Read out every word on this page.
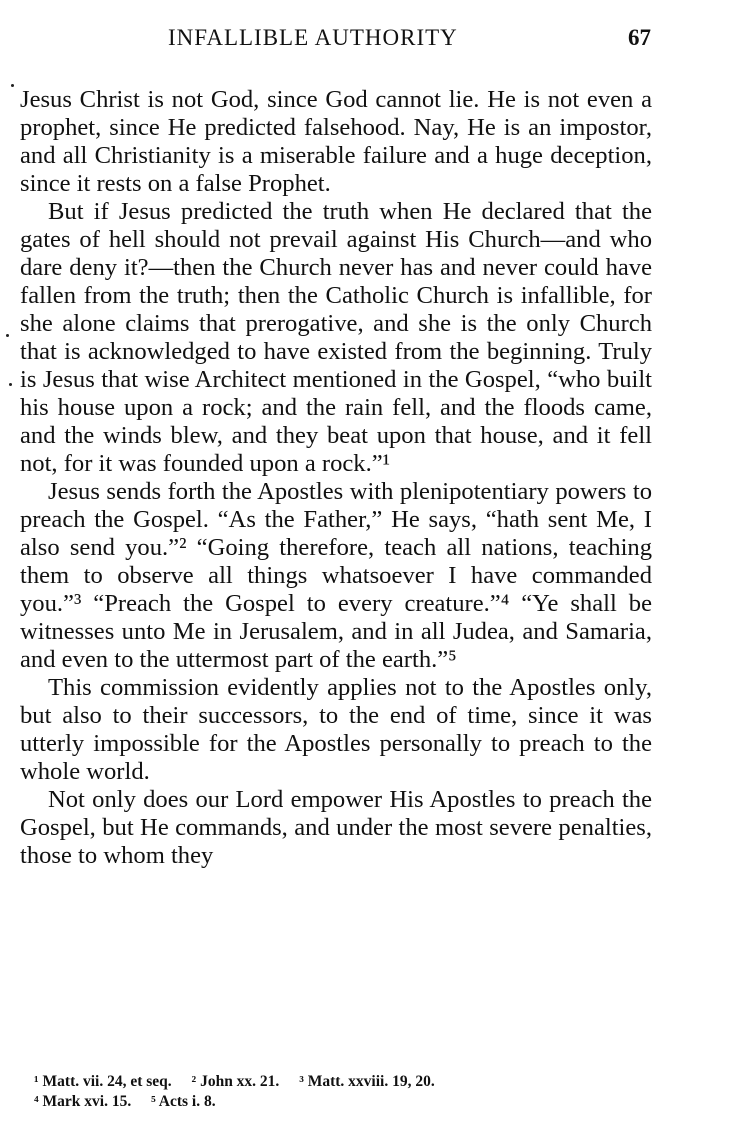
INFALLIBLE AUTHORITY	67

Jesus Christ is not God, since God cannot lie. He is not even a prophet, since He predicted falsehood. Nay, He is an impostor, and all Christianity is a miserable failure and a huge deception, since it rests on a false Prophet.

But if Jesus predicted the truth when He declared that the gates of hell should not prevail against His Church—and who dare deny it?—then the Church never has and never could have fallen from the truth; then the Catholic Church is infallible, for she alone claims that prerogative, and she is the only Church that is acknowledged to have existed from the beginning. Truly is Jesus that wise Architect mentioned in the Gospel, “who built his house upon a rock; and the rain fell, and the floods came, and the winds blew, and they beat upon that house, and it fell not, for it was founded upon a rock.”¹

Jesus sends forth the Apostles with plenipotentiary powers to preach the Gospel. “As the Father,” He says, “hath sent Me, I also send you.”² “Going therefore, teach all nations, teaching them to observe all things whatsoever I have commanded you.”³ “Preach the Gospel to every creature.”⁴ “Ye shall be witnesses unto Me in Jerusalem, and in all Judea, and Samaria, and even to the uttermost part of the earth.”⁵

This commission evidently applies not to the Apostles only, but also to their successors, to the end of time, since it was utterly impossible for the Apostles personally to preach to the whole world.

Not only does our Lord empower His Apostles to preach the Gospel, but He commands, and under the most severe penalties, those to whom they

¹ Matt. vii. 24, et seq. ² John xx. 21. ³ Matt. xxviii. 19, 20.
⁴ Mark xvi. 15. ⁵ Acts i. 8.
